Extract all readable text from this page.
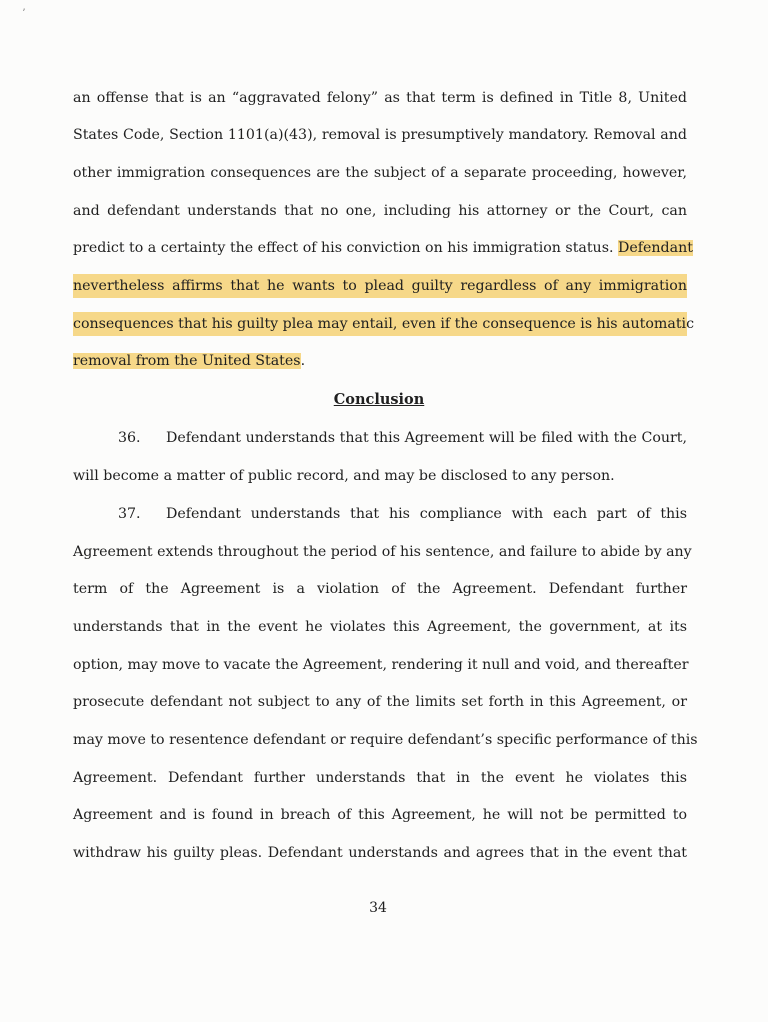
ʼ
an offense that is an “aggravated felony” as that term is defined in Title 8, United
States Code, Section 1101(a)(43), removal is presumptively mandatory. Removal and
other immigration consequences are the subject of a separate proceeding, however,
and defendant understands that no one, including his attorney or the Court, can
predict to a certainty the effect of his conviction on his immigration status. Defendant
nevertheless affirms that he wants to plead guilty regardless of any immigration
consequences that his guilty plea may entail, even if the consequence is his automatic
removal from the United States.
Conclusion
36. Defendant understands that this Agreement will be filed with the Court,
will become a matter of public record, and may be disclosed to any person.
37. Defendant understands that his compliance with each part of this
Agreement extends throughout the period of his sentence, and failure to abide by any
term of the Agreement is a violation of the Agreement. Defendant further
understands that in the event he violates this Agreement, the government, at its
option, may move to vacate the Agreement, rendering it null and void, and thereafter
prosecute defendant not subject to any of the limits set forth in this Agreement, or
may move to resentence defendant or require defendant’s specific performance of this
Agreement. Defendant further understands that in the event he violates this
Agreement and is found in breach of this Agreement, he will not be permitted to
withdraw his guilty pleas. Defendant understands and agrees that in the event that
34
